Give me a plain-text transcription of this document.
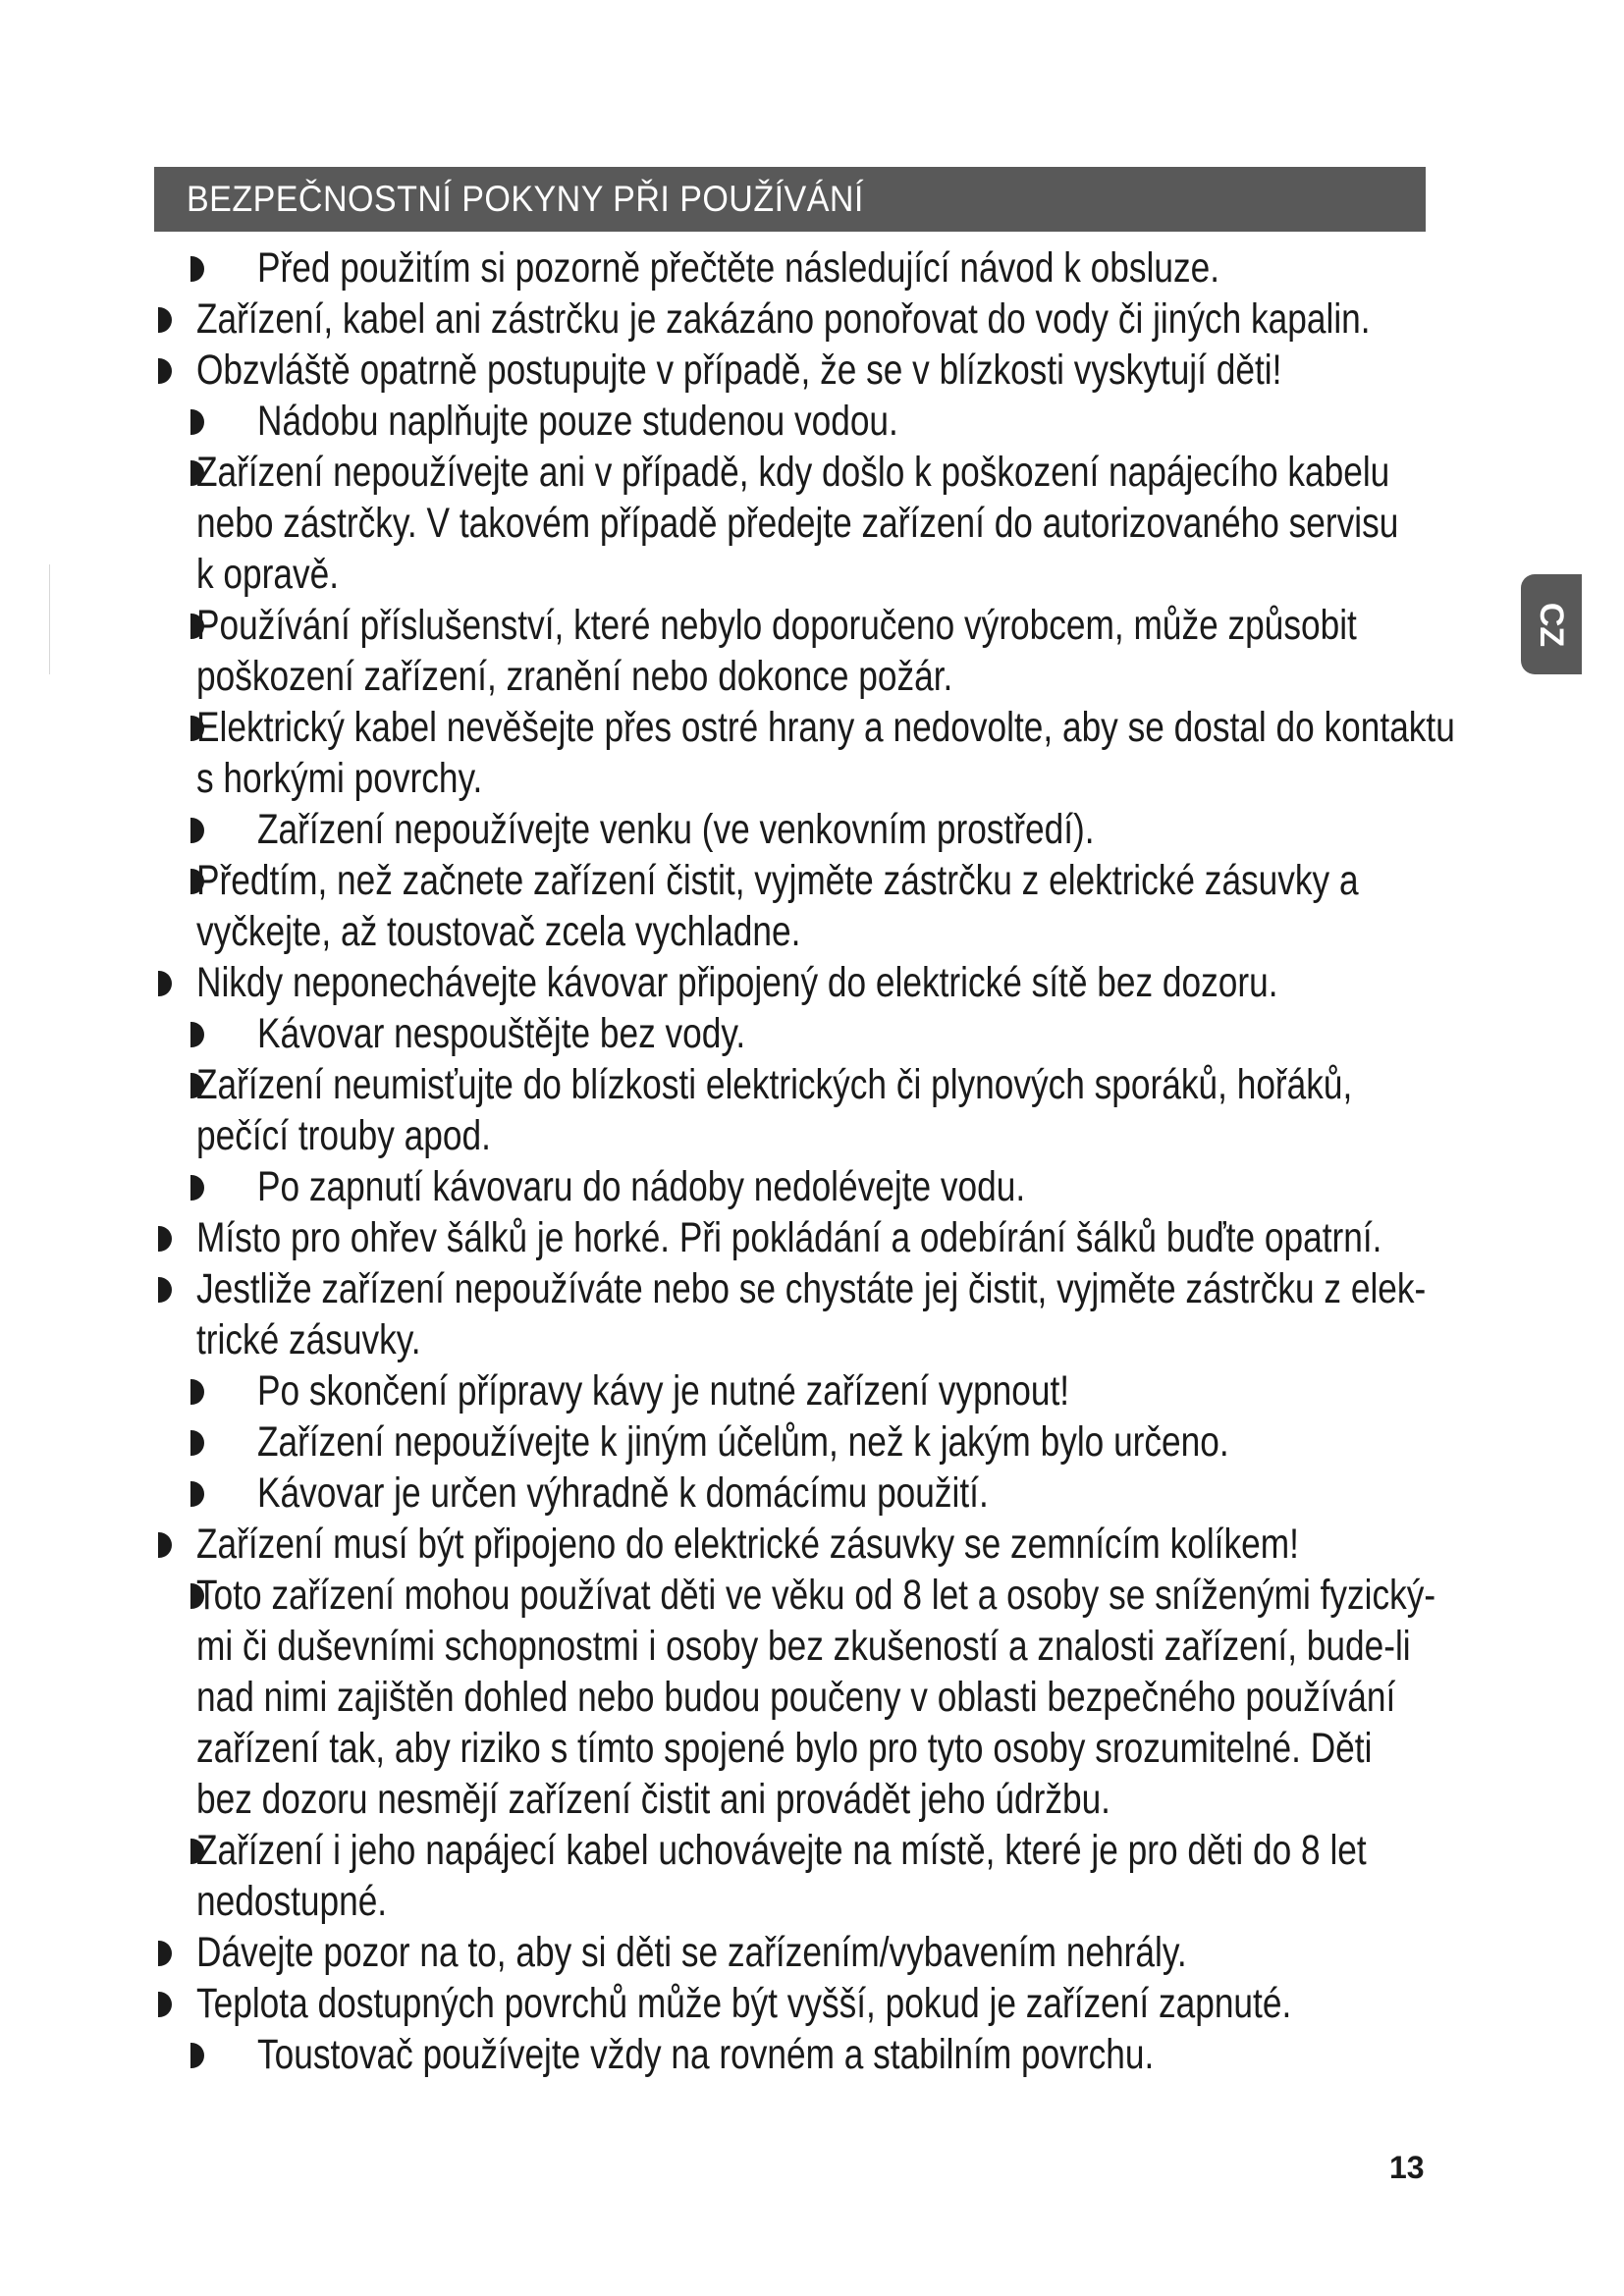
BEZPEČNOSTNÍ POKYNY PŘI POUŽÍVÁNÍ
CZ
Před použitím si pozorně přečtěte následující návod k obsluze.
Zařízení, kabel ani zástrčku je zakázáno ponořovat do vody či jiných kapalin.
Obzvláště opatrně postupujte v případě, že se v blízkosti vyskytují děti!
Nádobu naplňujte pouze studenou vodou.
Zařízení nepoužívejte ani v případě, kdy došlo k poškození napájecího kabelu
nebo zástrčky. V takovém případě předejte zařízení do autorizovaného servisu
k opravě.
Používání příslušenství, které nebylo doporučeno výrobcem, může způsobit
poškození zařízení, zranění nebo dokonce požár.
Elektrický kabel nevěšejte přes ostré hrany a nedovolte, aby se dostal do kontaktu
s horkými povrchy.
Zařízení nepoužívejte venku (ve venkovním prostředí).
Předtím, než začnete zařízení čistit, vyjměte zástrčku z elektrické zásuvky a
vyčkejte, až toustovač zcela vychladne.
Nikdy neponechávejte kávovar připojený do elektrické sítě bez dozoru.
Kávovar nespouštějte bez vody.
Zařízení neumisťujte do blízkosti elektrických či plynových sporáků, hořáků,
pečící trouby apod.
Po zapnutí kávovaru do nádoby nedolévejte vodu.
Místo pro ohřev šálků je horké. Při pokládání a odebírání šálků buďte opatrní.
Jestliže zařízení nepoužíváte nebo se chystáte jej čistit, vyjměte zástrčku z elek-
trické zásuvky.
Po skončení přípravy kávy je nutné zařízení vypnout!
Zařízení nepoužívejte k jiným účelům, než k jakým bylo určeno.
Kávovar je určen výhradně k domácímu použití.
Zařízení musí být připojeno do elektrické zásuvky se zemnícím kolíkem!
Toto zařízení mohou používat děti ve věku od 8 let a osoby se sníženými fyzický-
mi či duševními schopnostmi i osoby bez zkušeností a znalosti zařízení, bude-li
nad nimi zajištěn dohled nebo budou poučeny v oblasti bezpečného používání
zařízení tak, aby riziko s tímto spojené bylo pro tyto osoby srozumitelné. Děti
bez dozoru nesmějí zařízení čistit ani provádět jeho údržbu.
Zařízení i jeho napájecí kabel uchovávejte na místě, které je pro děti do 8 let
nedostupné.
Dávejte pozor na to, aby si děti se zařízením/vybavením nehrály.
Teplota dostupných povrchů může být vyšší, pokud je zařízení zapnuté.
Toustovač používejte vždy na rovném a stabilním povrchu.
13
